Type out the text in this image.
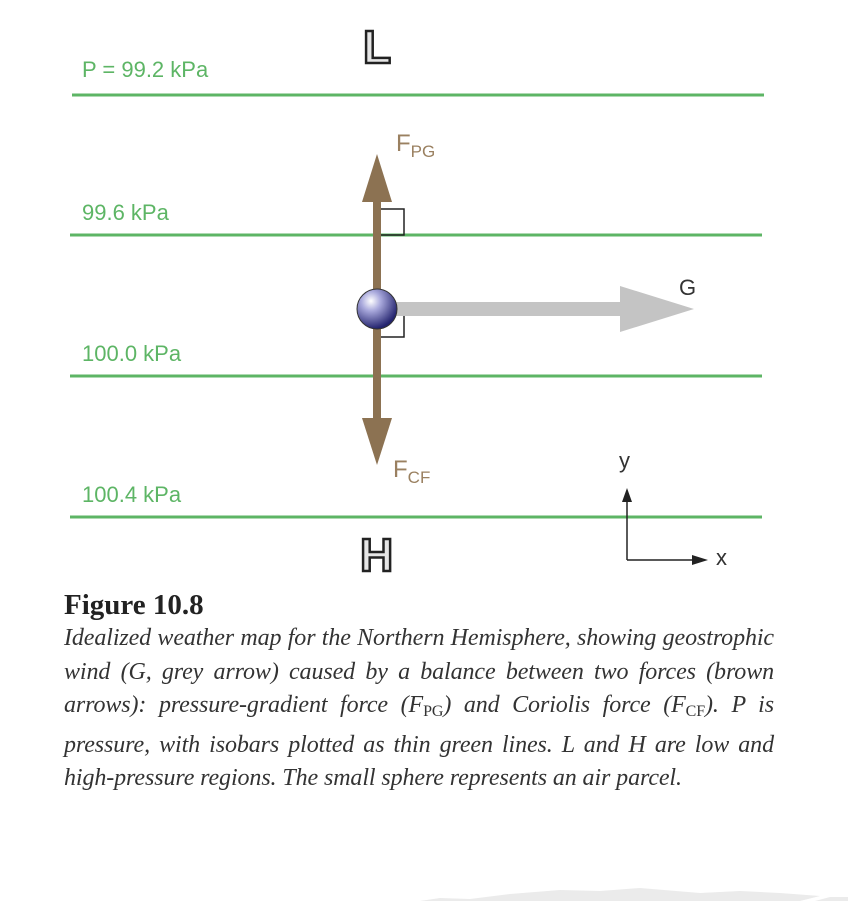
P = 99.2 kPa
99.6 kPa
100.0 kPa
100.4 kPa
L
H
$F_{PG}$
$F_{CF}$
G
y
x
Figure 10.8
Idealized weather map for the Northern Hemisphere, showing geostrophic wind (G, grey arrow) caused by a balance between two forces (brown arrows): pressure-gradient force $(F_{PG})$ and Coriolis force $(F_{CF})$. P is pressure, with isobars plotted as thin green lines. L and H are low and high-pressure regions. The small sphere represents an air parcel.
